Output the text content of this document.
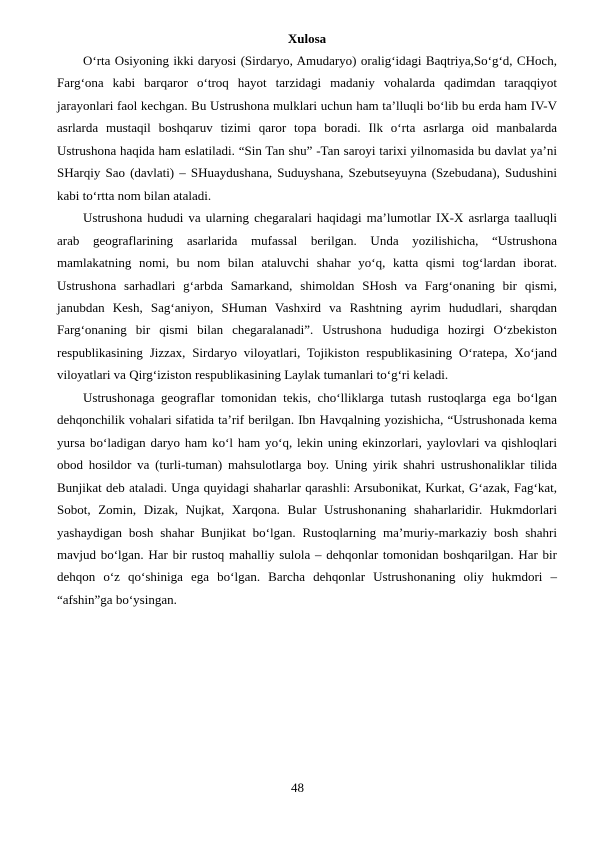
Xulosa

O‘rta Osiyoning ikki daryosi (Sirdaryo, Amudaryo) oralig‘idagi Baqtriya,So‘g‘d, CHoch, Farg‘ona kabi barqaror o‘troq hayot tarzidagi madaniy vohalarda qadimdan taraqqiyot jarayonlari faol kechgan. Bu Ustrushona mulklari uchun ham ta’lluqli bo‘lib bu erda ham IV-V asrlarda mustaqil boshqaruv tizimi qaror topa boradi. Ilk o‘rta asrlarga oid manbalarda Ustrushona haqida ham eslatiladi. “Sin Tan shu” -Tan saroyi tarixi yilnomasida bu davlat ya’ni SHarqiy Sao (davlati) – SHuaydushana, Suduyshana, Szebutseyuyna (Szebudana), Sudushini kabi to‘rtta nom bilan ataladi.

Ustrushona hududi va ularning chegaralari haqidagi ma’lumotlar IX-X asrlarga taalluqli arab geograflarining asarlarida mufassal berilgan. Unda yozilishicha, “Ustrushona mamlakatning nomi, bu nom bilan ataluvchi shahar yo‘q, katta qismi tog‘lardan iborat. Ustrushona sarhadlari g‘arbda Samarkand, shimoldan SHosh va Farg‘onaning bir qismi, janubdan Kesh, Sag‘aniyon, SHuman Vashxird va Rashtning ayrim hududlari, sharqdan Farg‘onaning bir qismi bilan chegaralanadi”. Ustrushona hududiga hozirgi O‘zbekiston respublikasining Jizzax, Sirdaryo viloyatlari, Tojikiston respublikasining O‘ratepa, Xo‘jand viloyatlari va Qirg‘iziston respublikasining Laylak tumanlari to‘g‘ri keladi.

Ustrushonaga geograflar tomonidan tekis, cho‘lliklarga tutash rustoqlarga ega bo‘lgan dehqonchilik vohalari sifatida ta’rif berilgan. Ibn Havqalning yozishicha, “Ustrushonada kema yursa bo‘ladigan daryo ham ko‘l ham yo‘q, lekin uning ekinzorlari, yaylovlari va qishloqlari obod hosildor va (turli-tuman) mahsulotlarga boy. Uning yirik shahri ustrushonaliklar tilida Bunjikat deb ataladi. Unga quyidagi shaharlar qarashli: Arsubonikat, Kurkat, G‘azak, Fag‘kat, Sobot, Zomin, Dizak, Nujkat, Xarqona. Bular Ustrushonaning shaharlaridir. Hukmdorlari yashaydigan bosh shahar Bunjikat bo‘lgan. Rustoqlarning ma’muriy-markaziy bosh shahri mavjud bo‘lgan. Har bir rustoq mahalliy sulola – dehqonlar tomonidan boshqarilgan. Har bir dehqon o‘z qo‘shiniga ega bo‘lgan. Barcha dehqonlar Ustrushonaning oliy hukmdori – “afshin”ga bo‘ysingan.

48
